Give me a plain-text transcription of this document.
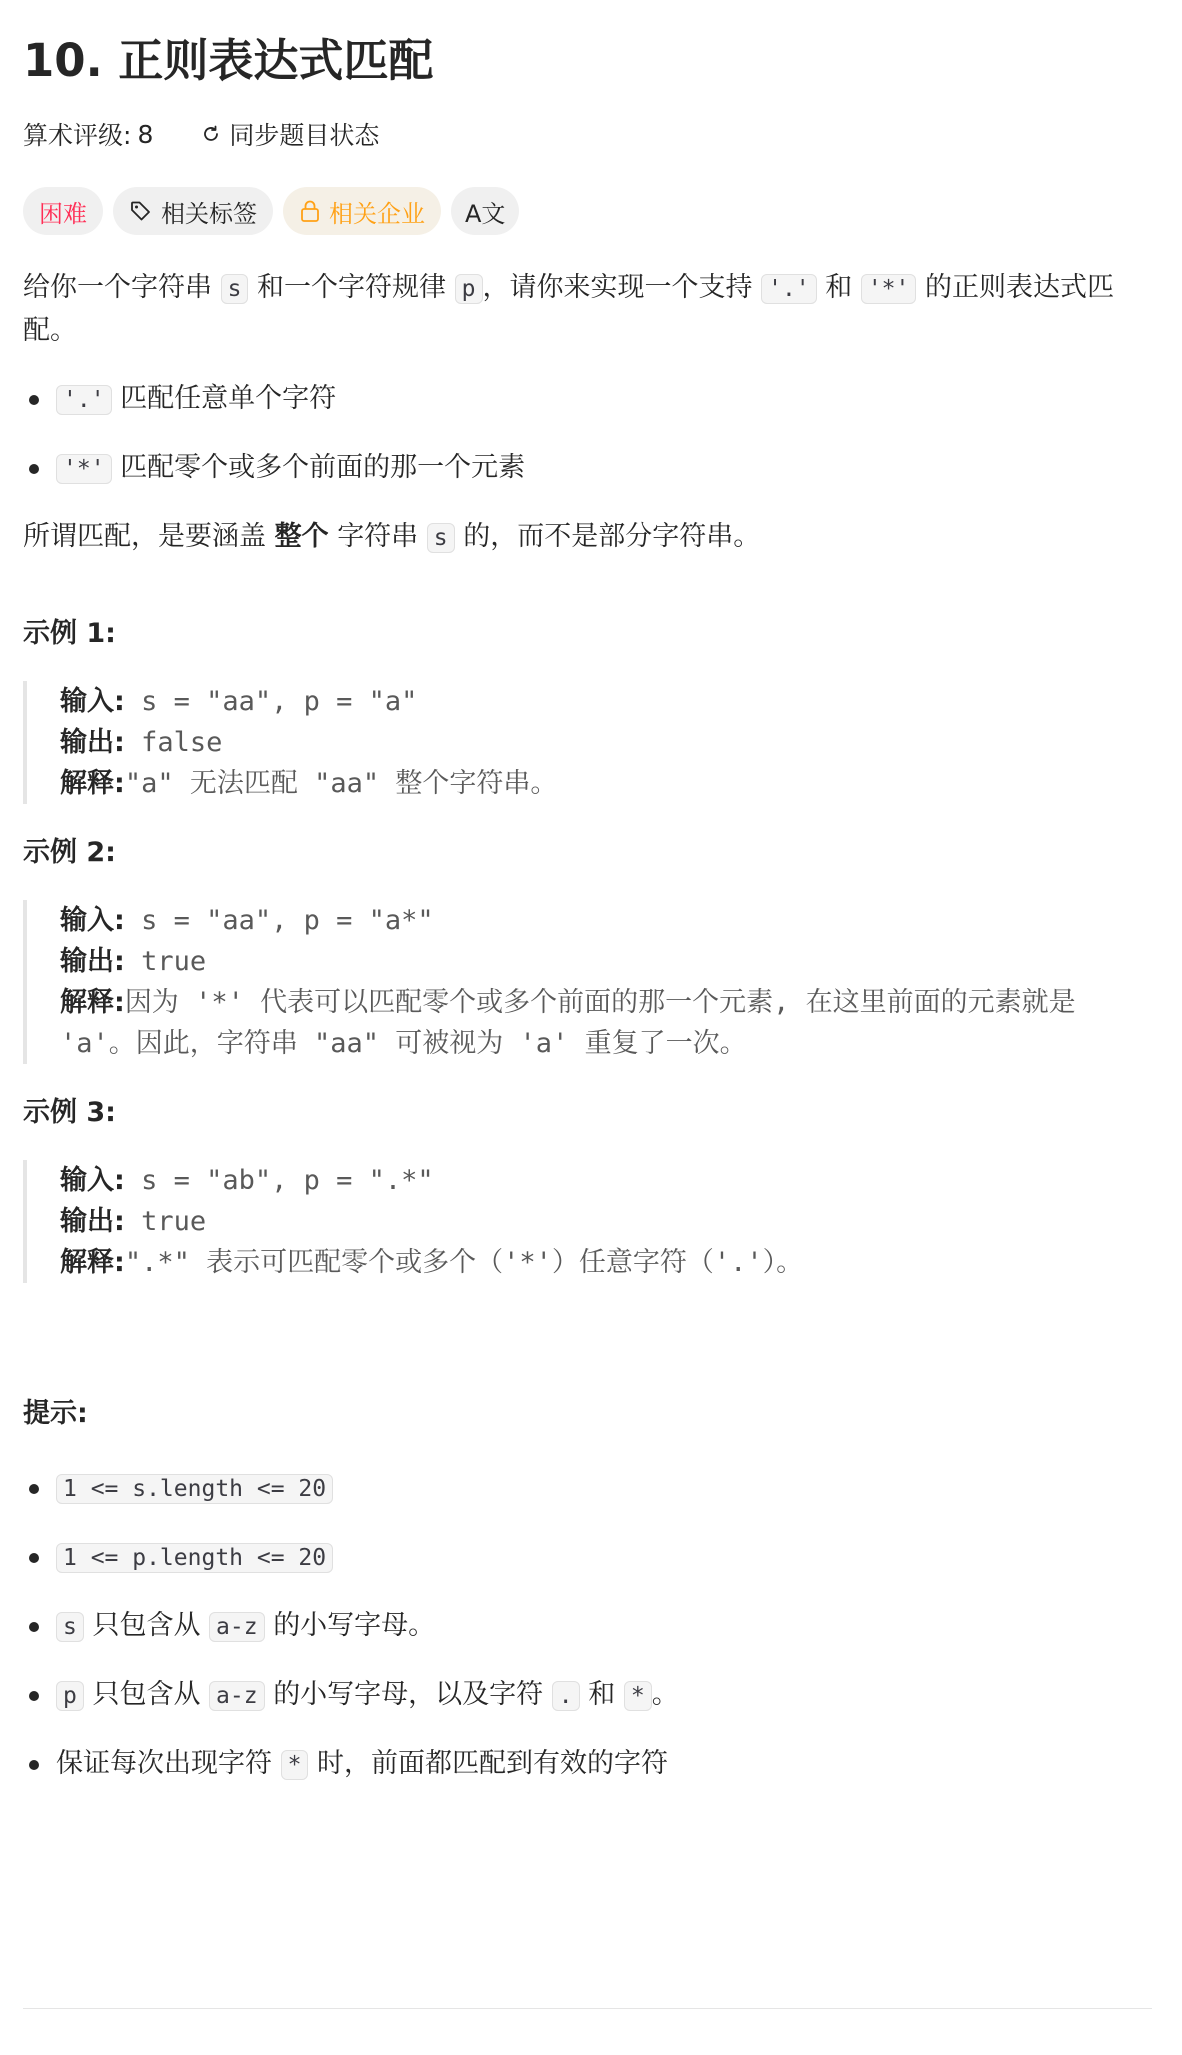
10. 正则表达式匹配
算术评级: 8	同步题目状态
困难	相关标签	相关企业 A文

给你一个字符串 s 和一个字符规律 p ，请你来实现一个支持 '.' 和 '*' 的正则表达式匹配。

'.' 匹配任意单个字符
'*' 匹配零个或多个前面的那一个元素

所谓匹配，是要涵盖 整个 字符串 s 的，而不是部分字符串。

示例 1:
输入: s = "aa", p = "a"
输出: false
解释:"a" 无法匹配 "aa" 整个字符串。
示例 2:
输入: s = "aa", p = "a*"
输出: true
解释:因为 '*' 代表可以匹配零个或多个前面的那一个元素, 在这里前面的元素就是 'a'。因此，字符串 "aa" 可被视为 'a' 重复了一次。
示例 3:
输入: s = "ab", p = ".*"
输出: true
解释:".*" 表示可匹配零个或多个（'*'）任意字符（'.'）。
提示:
1 <= s.length <= 20
1 <= p.length <= 20
s 只包含从 a-z 的小写字母。
p 只包含从 a-z 的小写字母，以及字符 . 和 * 。
保证每次出现字符 * 时，前面都匹配到有效的字符
